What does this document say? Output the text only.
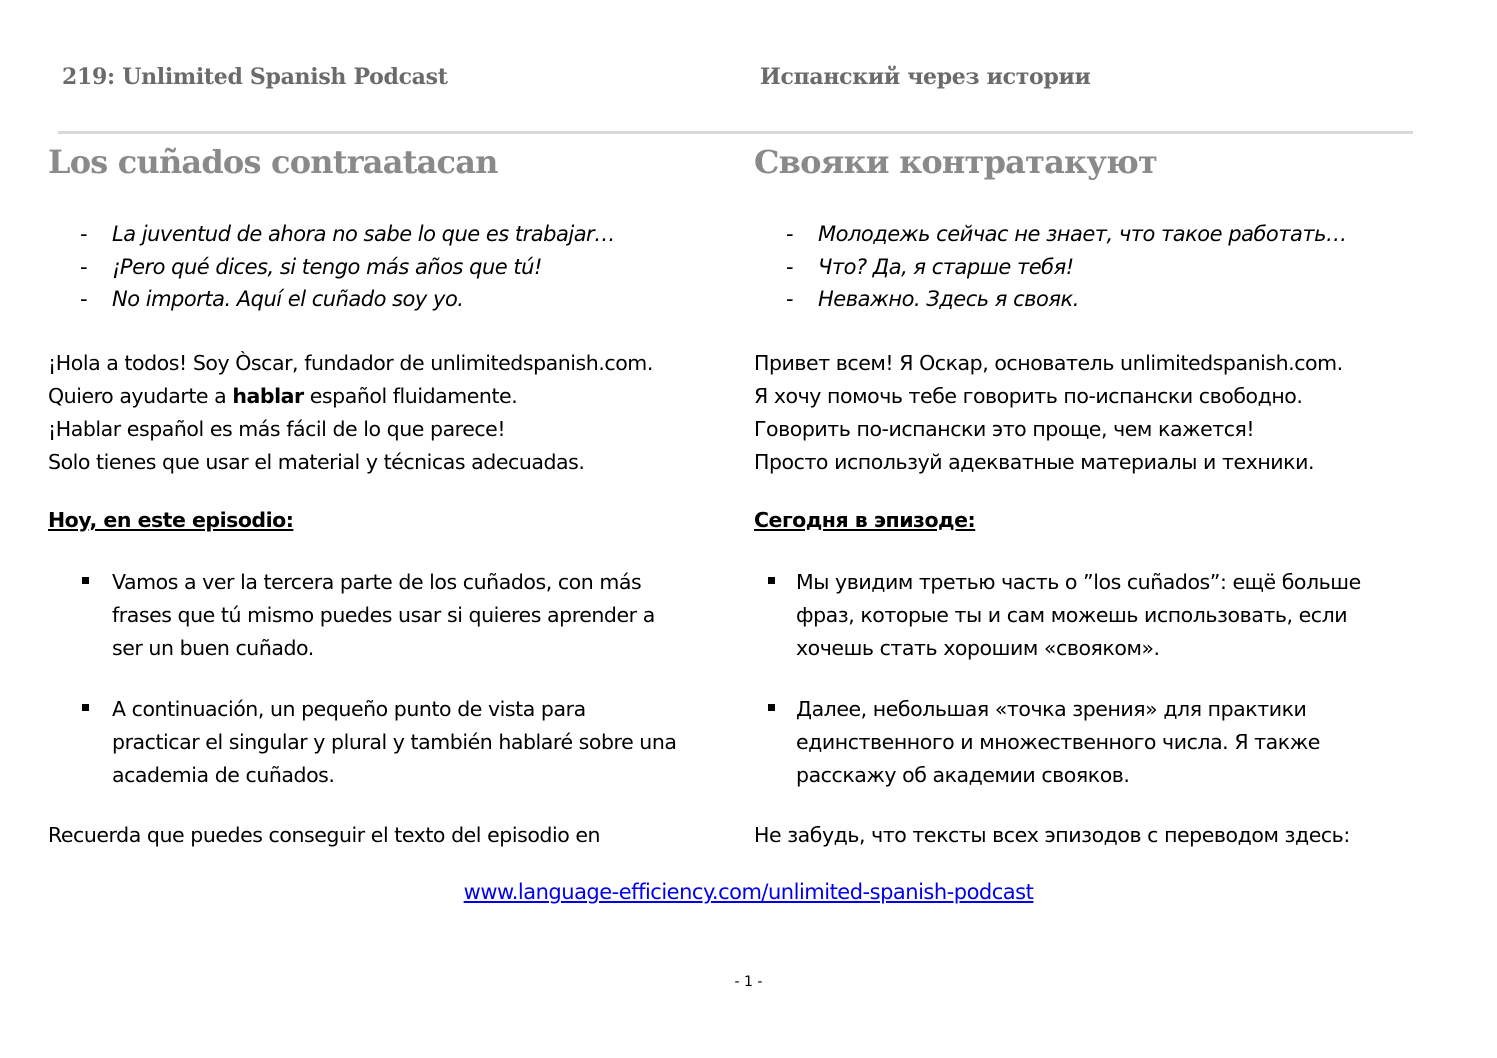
219: Unlimited Spanish Podcast	Испанский через истории
Los cuñados contraatacan
- La juventud de ahora no sabe lo que es trabajar…
- ¡Pero qué dices, si tengo más años que tú!
- No importa. Aquí el cuñado soy yo.
¡Hola a todos! Soy Òscar, fundador de unlimitedspanish.com.
Quiero ayudarte a hablar español fluidamente.
¡Hablar español es más fácil de lo que parece!
Solo tienes que usar el material y técnicas adecuadas.
Hoy, en este episodio:
Vamos a ver la tercera parte de los cuñados, con más
frases que tú mismo puedes usar si quieres aprender a
ser un buen cuñado.
A continuación, un pequeño punto de vista para
practicar el singular y plural y también hablaré sobre una
academia de cuñados.
Recuerda que puedes conseguir el texto del episodio en
Свояки контратакуют
- Молодежь сейчас не знает, что такое работать…
- Что? Да, я старше тебя!
- Неважно. Здесь я свояк.
Привет всем! Я Оскар, основатель unlimitedspanish.com.
Я хочу помочь тебе говорить по-испански свободно.
Говорить по-испански это проще, чем кажется!
Просто используй адекватные материалы и техники.
Сегодня в эпизоде:
Мы увидим третью часть о ”los cuñados”: ещё больше
фраз, которые ты и сам можешь использовать, если
хочешь стать хорошим «свояком».
Далее, небольшая «точка зрения» для практики
единственного и множественного числа. Я также
расскажу об академии свояков.
Не забудь, что тексты всех эпизодов с переводом здесь:
www.language-efficiency.com/unlimited-spanish-podcast
- 1 -
